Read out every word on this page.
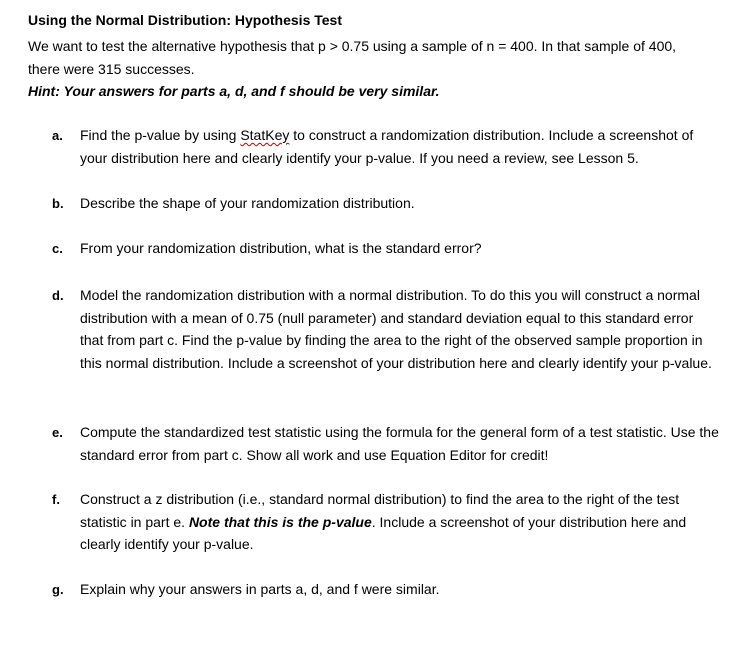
Using the Normal Distribution: Hypothesis Test
We want to test the alternative hypothesis that p > 0.75 using a sample of n = 400. In that sample of 400, there were 315 successes.
Hint: Your answers for parts a, d, and f should be very similar.
a. Find the p-value by using StatKey to construct a randomization distribution. Include a screenshot of your distribution here and clearly identify your p-value. If you need a review, see Lesson 5.
b. Describe the shape of your randomization distribution.
c. From your randomization distribution, what is the standard error?
d. Model the randomization distribution with a normal distribution. To do this you will construct a normal distribution with a mean of 0.75 (null parameter) and standard deviation equal to this standard error that from part c. Find the p-value by finding the area to the right of the observed sample proportion in this normal distribution. Include a screenshot of your distribution here and clearly identify your p-value.
e. Compute the standardized test statistic using the formula for the general form of a test statistic. Use the standard error from part c. Show all work and use Equation Editor for credit!
f. Construct a z distribution (i.e., standard normal distribution) to find the area to the right of the test statistic in part e. Note that this is the p-value. Include a screenshot of your distribution here and clearly identify your p-value.
g. Explain why your answers in parts a, d, and f were similar.
